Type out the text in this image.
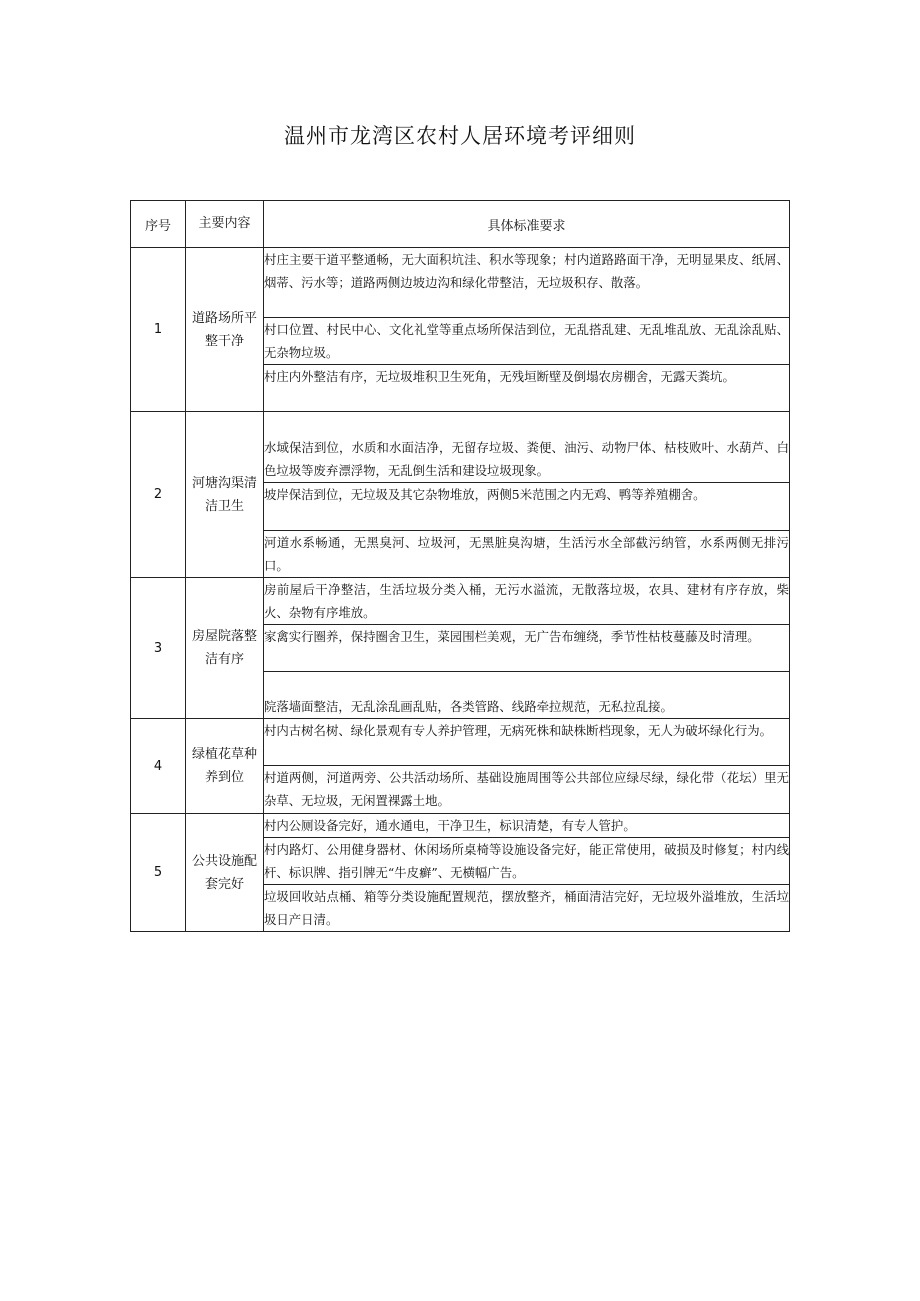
温州市龙湾区农村人居环境考评细则
序号	主要内容	具体标准要求
1	道路场所平整干净	村庄主要干道平整通畅，无大面积坑洼、积水等现象；村内道路路面干净，无明显果皮、纸屑、烟蒂、污水等；道路两侧边坡边沟和绿化带整洁，无垃圾积存、散落。
		村口位置、村民中心、文化礼堂等重点场所保洁到位，无乱搭乱建、无乱堆乱放、无乱涂乱贴、无杂物垃圾。
		村庄内外整洁有序，无垃圾堆积卫生死角，无残垣断壁及倒塌农房棚舍，无露天粪坑。
2	河塘沟渠清洁卫生	水域保洁到位，水质和水面洁净，无留存垃圾、粪便、油污、动物尸体、枯枝败叶、水葫芦、白色垃圾等废弃漂浮物，无乱倒生活和建设垃圾现象。
		坡岸保洁到位，无垃圾及其它杂物堆放，两侧5米范围之内无鸡、鸭等养殖棚舍。
		河道水系畅通，无黑臭河、垃圾河，无黑脏臭沟塘，生活污水全部截污纳管，水系两侧无排污口。
3	房屋院落整洁有序	房前屋后干净整洁，生活垃圾分类入桶，无污水溢流，无散落垃圾，农具、建材有序存放，柴火、杂物有序堆放。
		家禽实行圈养，保持圈舍卫生，菜园围栏美观，无广告布缠绕，季节性枯枝蔓藤及时清理。
		院落墙面整洁，无乱涂乱画乱贴，各类管路、线路牵拉规范，无私拉乱接。
4	绿植花草种养到位	村内古树名树、绿化景观有专人养护管理，无病死株和缺株断档现象，无人为破坏绿化行为。
		村道两侧，河道两旁、公共活动场所、基础设施周围等公共部位应绿尽绿，绿化带（花坛）里无杂草、无垃圾，无闲置裸露土地。
5	公共设施配套完好	村内公厕设备完好，通水通电，干净卫生，标识清楚，有专人管护。
		村内路灯、公用健身器材、休闲场所桌椅等设施设备完好，能正常使用，破损及时修复；村内线杆、标识牌、指引牌无“牛皮癣”、无横幅广告。
		垃圾回收站点桶、箱等分类设施配置规范，摆放整齐，桶面清洁完好，无垃圾外溢堆放，生活垃圾日产日清。
